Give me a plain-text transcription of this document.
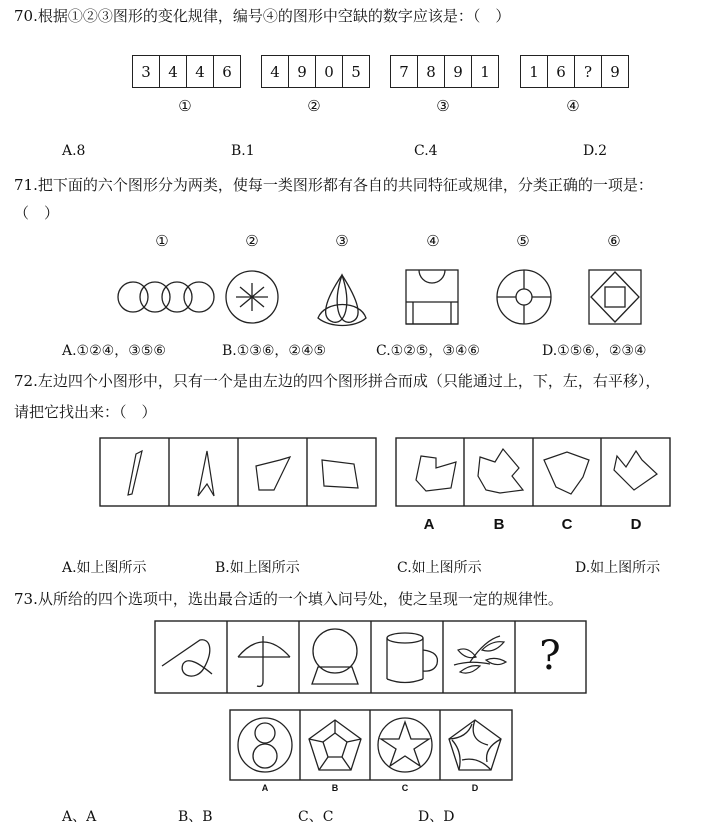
70.根据①②③图形的变化规律，编号④的图形中空缺的数字应该是：（　）
3	4	4	6	4	9	0	5	7	8	9	1	1	6	?	9
①	②	③	④
A.8	B.1	C.4	D.2
71.把下面的六个图形分为两类，使每一类图形都有各自的共同特征或规律，分类正确的一项是：
（　）
①	②	③	④	⑤	⑥
A.①②④，③⑤⑥	B.①③⑥，②④⑤	C.①②⑤，③④⑥	D.①⑤⑥，②③④
72.左边四个小图形中，只有一个是由左边的四个图形拼合而成（只能通过上，下，左，右平移），
请把它找出来：（　）
A	B	C	D
A.如上图所示	B.如上图所示	C.如上图所示	D.如上图所示
73.从所给的四个选项中，选出最合适的一个填入问号处，使之呈现一定的规律性。
?
A	B	C	D
A、A	B、B	C、C	D、D
